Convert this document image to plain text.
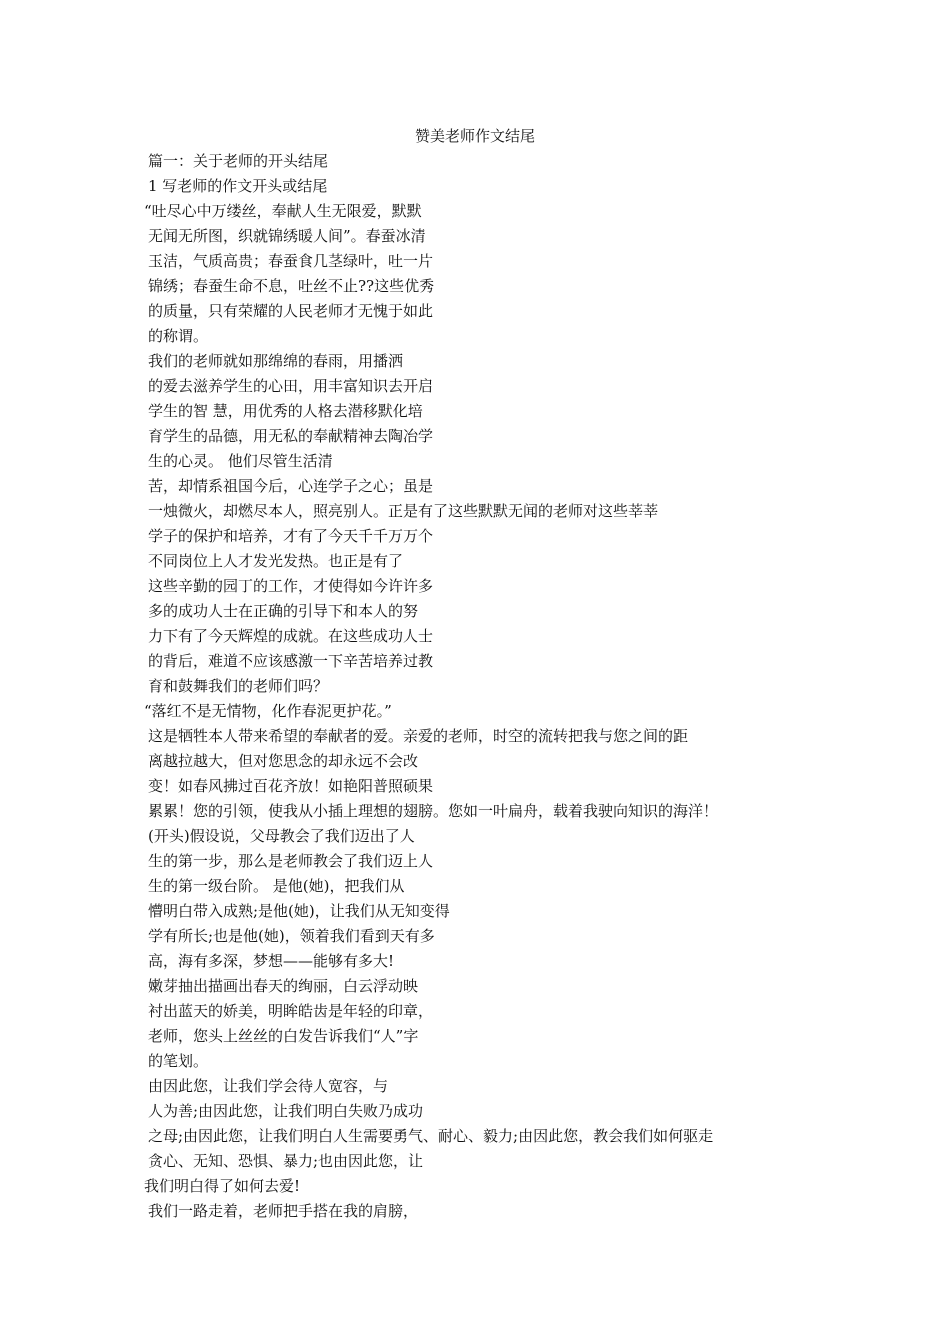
赞美老师作文结尾
篇一：关于老师的开头结尾
1 写老师的作文开头或结尾
“吐尽心中万缕丝，奉献人生无限爱，默默
无闻无所图，织就锦绣暖人间”。春蚕冰清
玉洁，气质高贵；春蚕食几茎绿叶，吐一片
锦绣；春蚕生命不息，吐丝不止??这些优秀
的质量，只有荣耀的人民老师才无愧于如此
的称谓。
我们的老师就如那绵绵的春雨，用播洒
的爱去滋养学生的心田，用丰富知识去开启
学生的智 慧，用优秀的人格去潜移默化培
育学生的品德，用无私的奉献精神去陶冶学
生的心灵。 他们尽管生活清
苦，却情系祖国今后，心连学子之心；虽是
一烛微火，却燃尽本人，照亮别人。正是有了这些默默无闻的老师对这些莘莘
学子的保护和培养，才有了今天千千万万个
不同岗位上人才发光发热。也正是有了
这些辛勤的园丁的工作，才使得如今许许多
多的成功人士在正确的引导下和本人的努
力下有了今天辉煌的成就。在这些成功人士
的背后，难道不应该感激一下辛苦培养过教
育和鼓舞我们的老师们吗？
“落红不是无情物，化作春泥更护花。”
这是牺牲本人带来希望的奉献者的爱。亲爱的老师，时空的流转把我与您之间的距
离越拉越大，但对您思念的却永远不会改
变！如春风拂过百花齐放！如艳阳普照硕果
累累！您的引领，使我从小插上理想的翅膀。您如一叶扁舟，载着我驶向知识的海洋！
(开头)假设说，父母教会了我们迈出了人
生的第一步，那么是老师教会了我们迈上人
生的第一级台阶。 是他(她)，把我们从
懵明白带入成熟;是他(她)，让我们从无知变得
学有所长;也是他(她)，领着我们看到天有多
高，海有多深，梦想——能够有多大!
嫩芽抽出描画出春天的绚丽，白云浮动映
衬出蓝天的娇美，明眸皓齿是年轻的印章，
老师，您头上丝丝的白发告诉我们“人”字
的笔划。
由因此您，让我们学会待人宽容，与
人为善;由因此您，让我们明白失败乃成功
之母;由因此您，让我们明白人生需要勇气、耐心、毅力;由因此您，教会我们如何驱走
贪心、无知、恐惧、暴力;也由因此您，让
我们明白得了如何去爱!
我们一路走着，老师把手搭在我的肩膀，
